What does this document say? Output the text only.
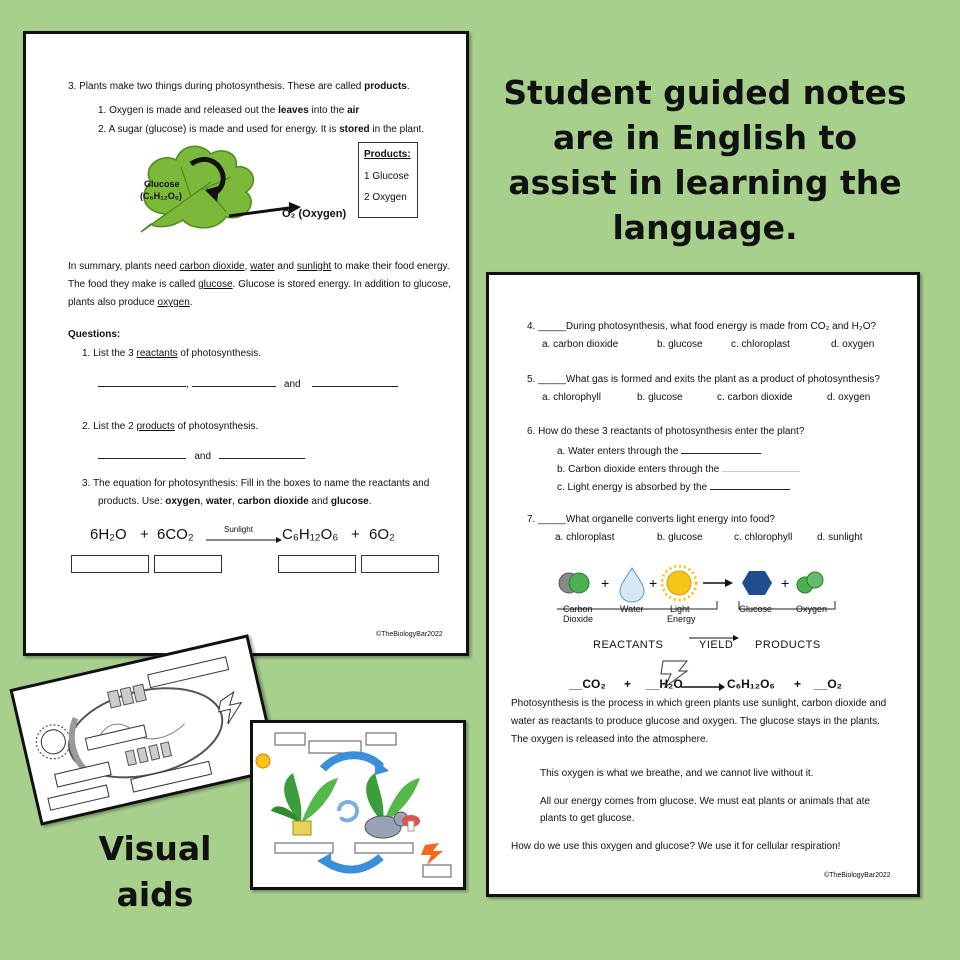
3. Plants make two things during photosynthesis. These are called products.
1. Oxygen is made and released out the leaves into the air
2. A sugar (glucose) is made and used for energy. It is stored in the plant.
Glucose
(C₆H₁₂O₆)
O₂ (Oxygen)
Products:
1 Glucose
2 Oxygen
In summary, plants need carbon dioxide, water and sunlight to make their food energy.
The food they make is called glucose. Glucose is stored energy. In addition to glucose,
plants also produce oxygen.
Questions:
1. List the 3 reactants of photosynthesis.
,	and
2. List the 2 products of photosynthesis.
and
3. The equation for photosynthesis: Fill in the boxes to name the reactants and
products. Use: oxygen, water, carbon dioxide and glucose.
6H₂O + 6CO₂	Sunlight C₆H₁₂O₆ + 6O₂
©TheBiologyBar2022
Student guided notes
are in English to
assist in learning the
language.
4. _____During photosynthesis, what food energy is made from CO₂ and H₂O?
a. carbon dioxide	b. glucose	c. chloroplast	d. oxygen
5. _____What gas is formed and exits the plant as a product of photosynthesis?
a. chlorophyll	b. glucose	c. carbon dioxide	d. oxygen
6. How do these 3 reactants of photosynthesis enter the plant?
a. Water enters through the
b. Carbon dioxide enters through the
c. Light energy is absorbed by the
7. _____What organelle converts light energy into food?
a. chloroplast	b. glucose	c. chlorophyll d. sunlight
+	+	+
Carbon
Dioxide
Water	Light
Energy
Glucose	Oxygen
REACTANTS	YIELD PRODUCTS
__CO₂ + __H₂O	C₆H₁₂O₆ + __O₂
Photosynthesis is the process in which green plants use sunlight, carbon dioxide and
water as reactants to produce glucose and oxygen. The glucose stays in the plants.
The oxygen is released into the atmosphere.
This oxygen is what we breathe, and we cannot live without it.
All our energy comes from glucose. We must eat plants or animals that ate
plants to get glucose.
How do we use this oxygen and glucose? We use it for cellular respiration!
©TheBiologyBar2022
Visual
aids
